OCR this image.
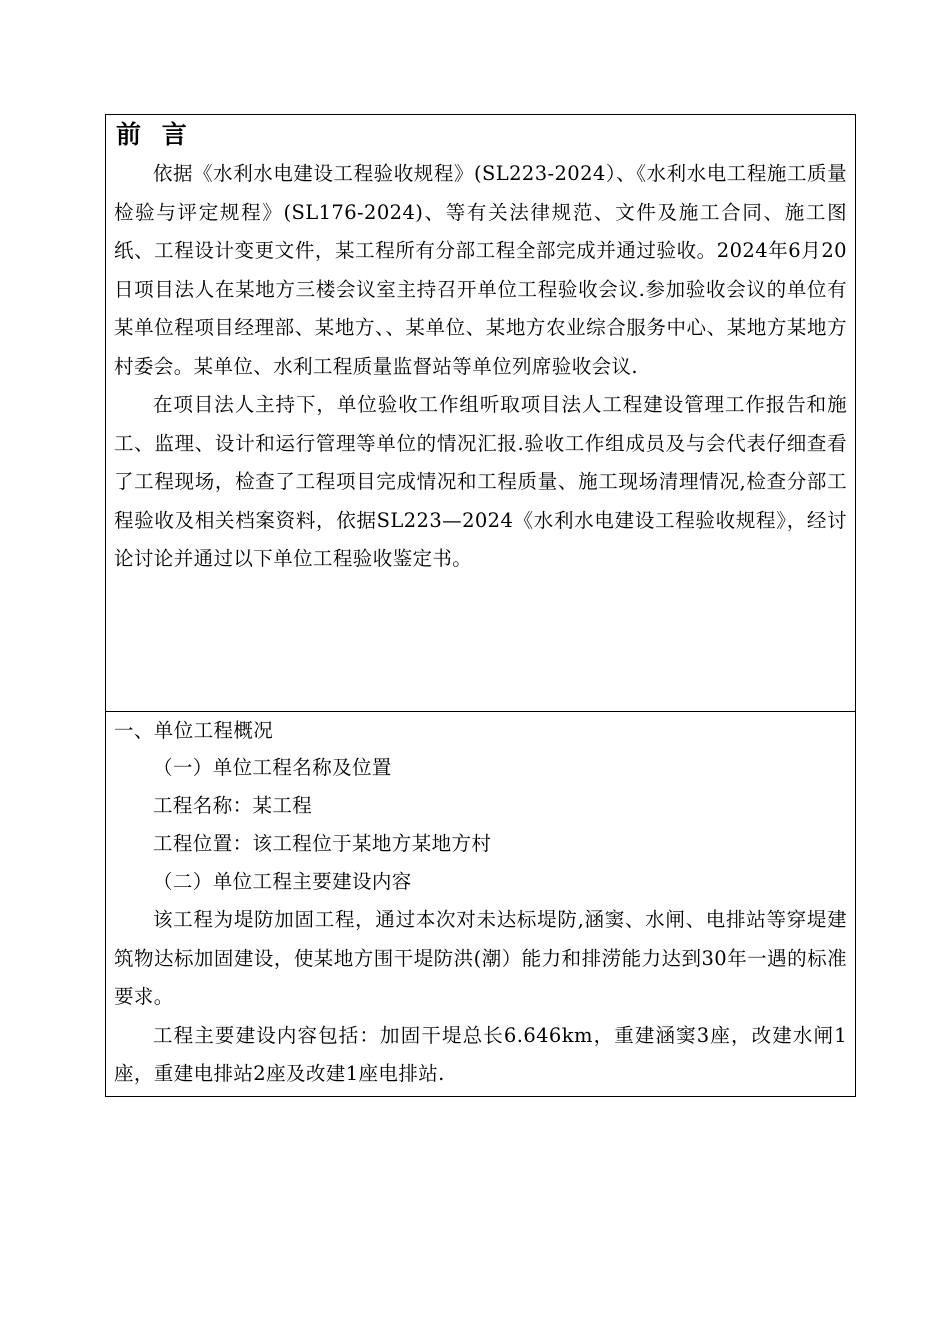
前 言

依据《水利水电建设工程验收规程》(SL223-2024）、《水利水电工程施工质量检验与评定规程》(SL176-2024)、等有关法律规范、文件及施工合同、施工图纸、工程设计变更文件，某工程所有分部工程全部完成并通过验收。2024年6月20日项目法人在某地方三楼会议室主持召开单位工程验收会议.参加验收会议的单位有某单位程项目经理部、某地方、、某单位、某地方农业综合服务中心、某地方某地方村委会。某单位、水利工程质量监督站等单位列席验收会议.

在项目法人主持下，单位验收工作组听取项目法人工程建设管理工作报告和施工、监理、设计和运行管理等单位的情况汇报.验收工作组成员及与会代表仔细查看了工程现场，检查了工程项目完成情况和工程质量、施工现场清理情况,检查分部工程验收及相关档案资料，依据SL223—2024《水利水电建设工程验收规程》，经讨论讨论并通过以下单位工程验收鉴定书。

一、单位工程概况

（一）单位工程名称及位置

工程名称：某工程

工程位置：该工程位于某地方某地方村

（二）单位工程主要建设内容

该工程为堤防加固工程，通过本次对未达标堤防,涵窦、水闸、电排站等穿堤建筑物达标加固建设，使某地方围干堤防洪(潮）能力和排涝能力达到30年一遇的标准要求。

工程主要建设内容包括：加固干堤总长6.646km，重建涵窦3座，改建水闸1座，重建电排站2座及改建1座电排站.
